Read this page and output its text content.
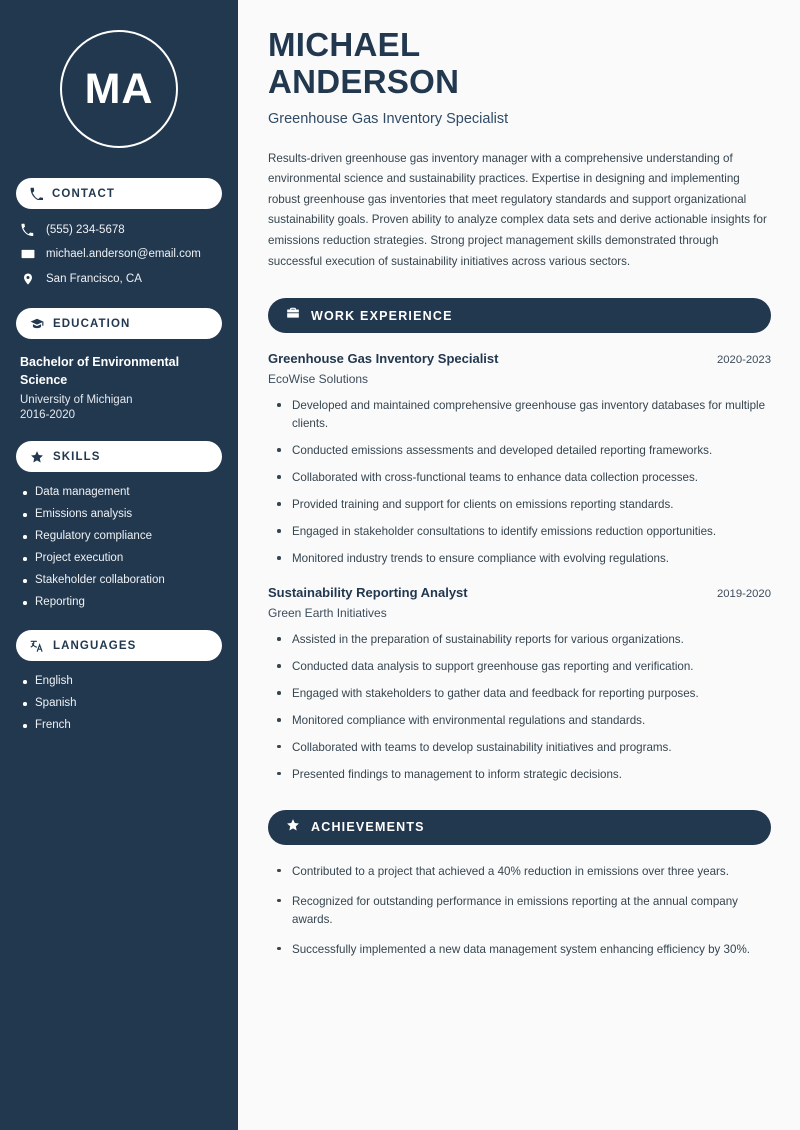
MA
CONTACT
(555) 234-5678
michael.anderson@email.com
San Francisco, CA
EDUCATION
Bachelor of Environmental Science
University of Michigan
2016-2020
SKILLS
Data management
Emissions analysis
Regulatory compliance
Project execution
Stakeholder collaboration
Reporting
LANGUAGES
English
Spanish
French
MICHAEL
ANDERSON
Greenhouse Gas Inventory Specialist

Results-driven greenhouse gas inventory manager with a comprehensive understanding of environmental science and sustainability practices. Expertise in designing and implementing robust greenhouse gas inventories that meet regulatory standards and support organizational sustainability goals. Proven ability to analyze complex data sets and derive actionable insights for emissions reduction strategies. Strong project management skills demonstrated through successful execution of sustainability initiatives across various sectors.

WORK EXPERIENCE
Greenhouse Gas Inventory Specialist	2020-2023
EcoWise Solutions
Developed and maintained comprehensive greenhouse gas inventory databases for multiple clients.
Conducted emissions assessments and developed detailed reporting frameworks.
Collaborated with cross-functional teams to enhance data collection processes.
Provided training and support for clients on emissions reporting standards.
Engaged in stakeholder consultations to identify emissions reduction opportunities.
Monitored industry trends to ensure compliance with evolving regulations.
Sustainability Reporting Analyst	2019-2020
Green Earth Initiatives
Assisted in the preparation of sustainability reports for various organizations.
Conducted data analysis to support greenhouse gas reporting and verification.
Engaged with stakeholders to gather data and feedback for reporting purposes.
Monitored compliance with environmental regulations and standards.
Collaborated with teams to develop sustainability initiatives and programs.
Presented findings to management to inform strategic decisions.
ACHIEVEMENTS
Contributed to a project that achieved a 40% reduction in emissions over three years.
Recognized for outstanding performance in emissions reporting at the annual company awards.
Successfully implemented a new data management system enhancing efficiency by 30%.
